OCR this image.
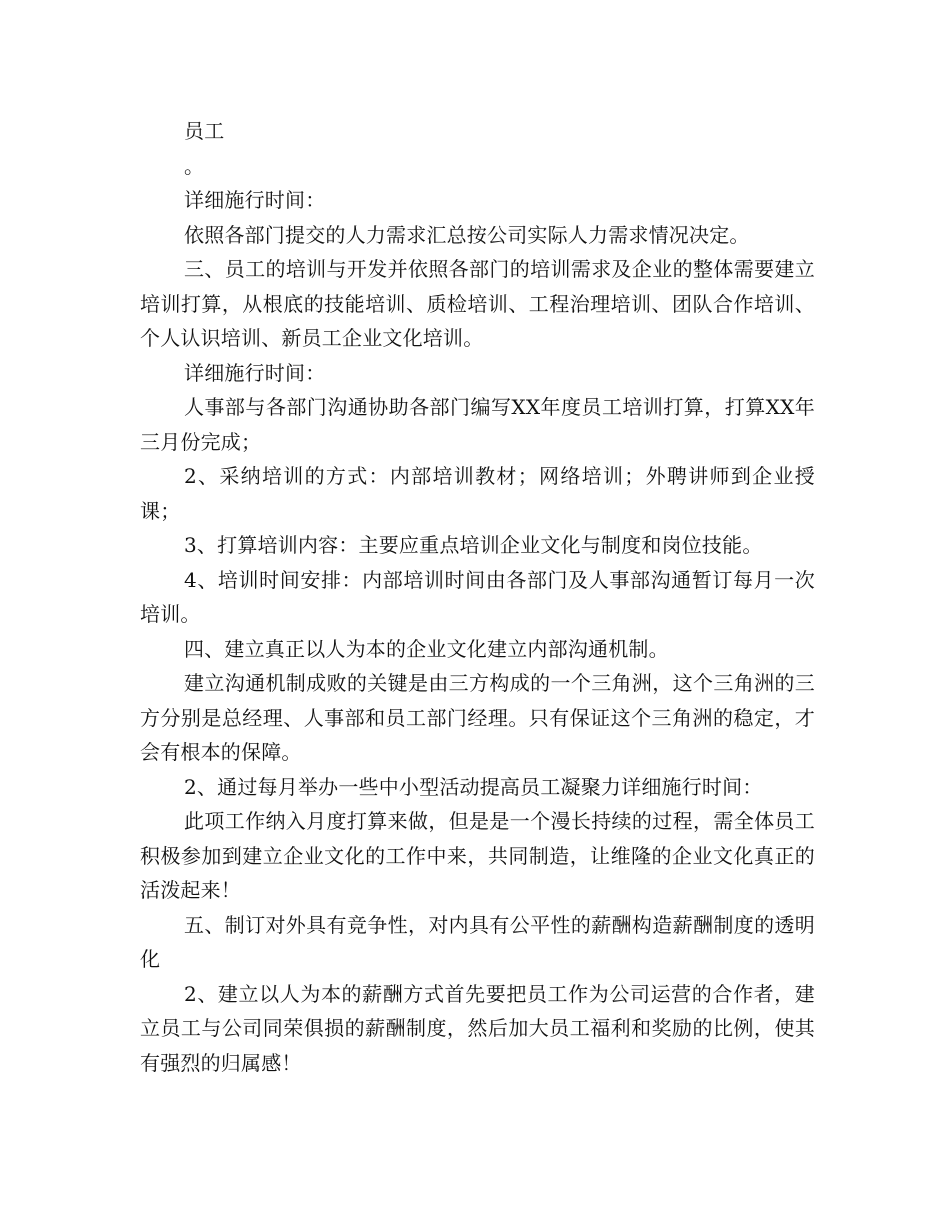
员工

。

详细施行时间：

依照各部门提交的人力需求汇总按公司实际人力需求情况决定。

三、员工的培训与开发并依照各部门的培训需求及企业的整体需要建立培训打算，从根底的技能培训、质检培训、工程治理培训、团队合作培训、个人认识培训、新员工企业文化培训。

详细施行时间：

人事部与各部门沟通协助各部门编写XX年度员工培训打算，打算XX年三月份完成；

2、采纳培训的方式：内部培训教材；网络培训；外聘讲师到企业授课；

3、打算培训内容：主要应重点培训企业文化与制度和岗位技能。

4、培训时间安排：内部培训时间由各部门及人事部沟通暂订每月一次培训。

四、建立真正以人为本的企业文化建立内部沟通机制。

建立沟通机制成败的关键是由三方构成的一个三角洲，这个三角洲的三方分别是总经理、人事部和员工部门经理。只有保证这个三角洲的稳定，才会有根本的保障。

2、通过每月举办一些中小型活动提高员工凝聚力详细施行时间：

此项工作纳入月度打算来做，但是是一个漫长持续的过程，需全体员工积极参加到建立企业文化的工作中来，共同制造，让维隆的企业文化真正的活泼起来！

五、制订对外具有竞争性，对内具有公平性的薪酬构造薪酬制度的透明化

2、建立以人为本的薪酬方式首先要把员工作为公司运营的合作者，建立员工与公司同荣俱损的薪酬制度，然后加大员工福利和奖励的比例，使其有强烈的归属感！
